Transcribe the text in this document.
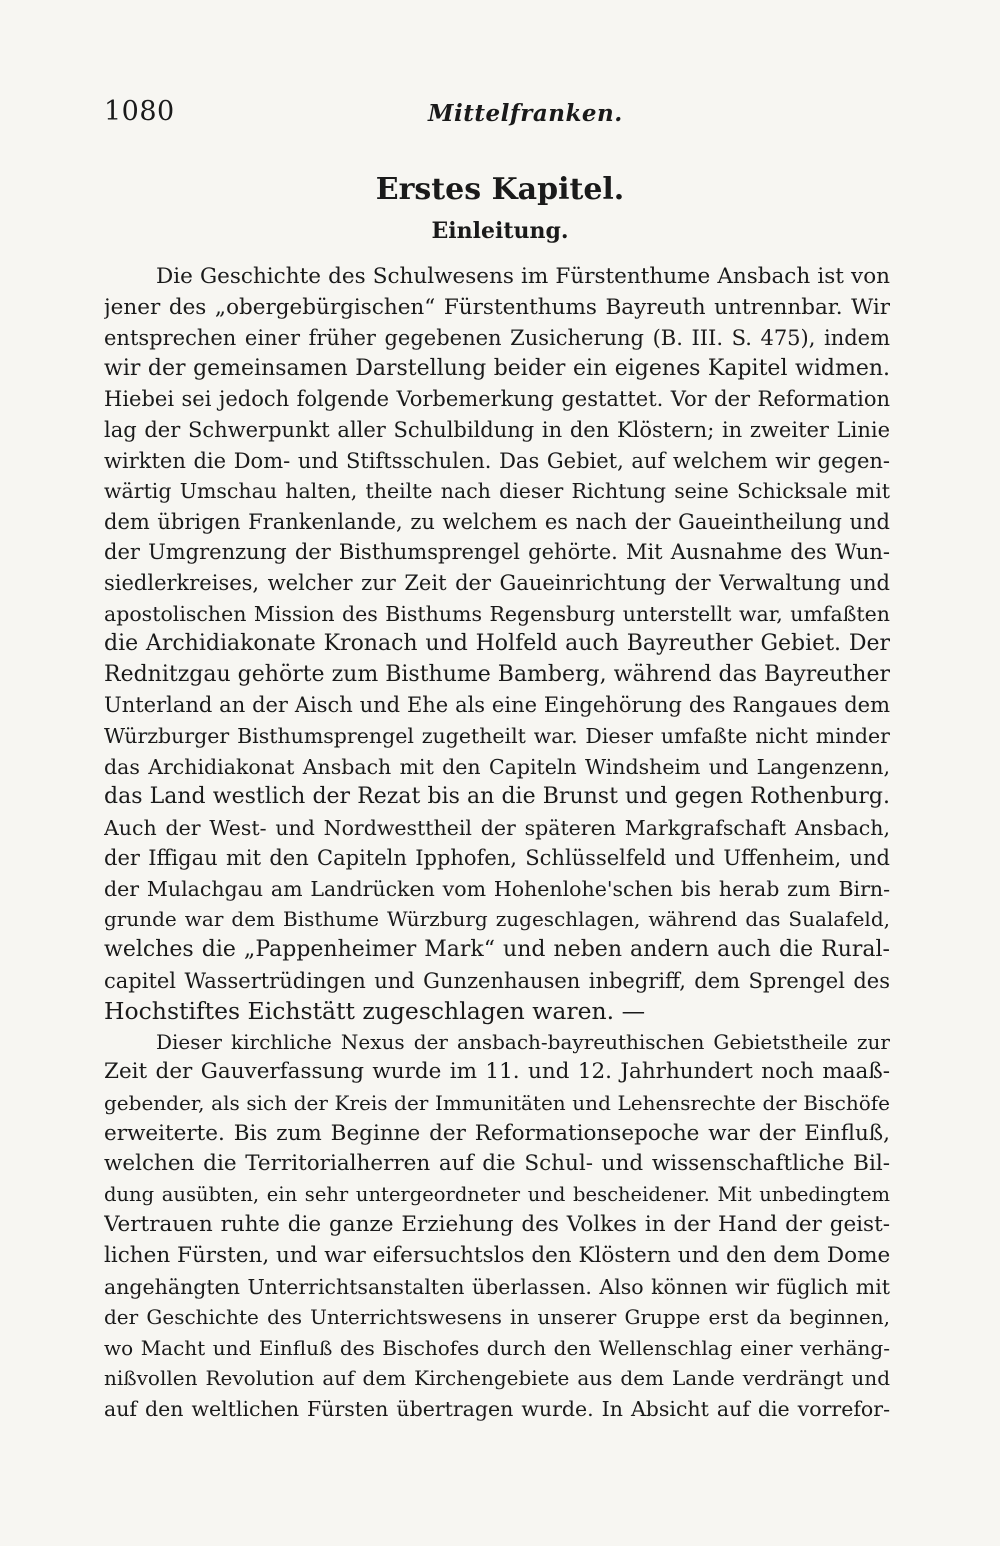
1080	Mittelfranken.
Erstes Kapitel.
Einleitung.
Die Geschichte des Schulwesens im Fürstenthume Ansbach ist von
jener des „obergebürgischen“ Fürstenthums Bayreuth untrennbar. Wir
entsprechen einer früher gegebenen Zusicherung (B. III. S. 475), indem
wir der gemeinsamen Darstellung beider ein eigenes Kapitel widmen.
Hiebei sei jedoch folgende Vorbemerkung gestattet. Vor der Reformation
lag der Schwerpunkt aller Schulbildung in den Klöstern; in zweiter Linie
wirkten die Dom- und Stiftsschulen. Das Gebiet, auf welchem wir gegen-
wärtig Umschau halten, theilte nach dieser Richtung seine Schicksale mit
dem übrigen Frankenlande, zu welchem es nach der Gaueintheilung und
der Umgrenzung der Bisthumsprengel gehörte. Mit Ausnahme des Wun-
siedlerkreises, welcher zur Zeit der Gaueinrichtung der Verwaltung und
apostolischen Mission des Bisthums Regensburg unterstellt war, umfaßten
die Archidiakonate Kronach und Holfeld auch Bayreuther Gebiet. Der
Rednitzgau gehörte zum Bisthume Bamberg, während das Bayreuther
Unterland an der Aisch und Ehe als eine Eingehörung des Rangaues dem
Würzburger Bisthumsprengel zugetheilt war. Dieser umfaßte nicht minder
das Archidiakonat Ansbach mit den Capiteln Windsheim und Langenzenn,
das Land westlich der Rezat bis an die Brunst und gegen Rothenburg.
Auch der West- und Nordwesttheil der späteren Markgrafschaft Ansbach,
der Iffigau mit den Capiteln Ipphofen, Schlüsselfeld und Uffenheim, und
der Mulachgau am Landrücken vom Hohenlohe'schen bis herab zum Birn-
grunde war dem Bisthume Würzburg zugeschlagen, während das Sualafeld,
welches die „Pappenheimer Mark“ und neben andern auch die Rural-
capitel Wassertrüdingen und Gunzenhausen inbegriff, dem Sprengel des
Hochstiftes Eichstätt zugeschlagen waren. —
Dieser kirchliche Nexus der ansbach-bayreuthischen Gebietstheile zur
Zeit der Gauverfassung wurde im 11. und 12. Jahrhundert noch maaß-
gebender, als sich der Kreis der Immunitäten und Lehensrechte der Bischöfe
erweiterte. Bis zum Beginne der Reformationsepoche war der Einfluß,
welchen die Territorialherren auf die Schul- und wissenschaftliche Bil-
dung ausübten, ein sehr untergeordneter und bescheidener. Mit unbedingtem
Vertrauen ruhte die ganze Erziehung des Volkes in der Hand der geist-
lichen Fürsten, und war eifersuchtslos den Klöstern und den dem Dome
angehängten Unterrichtsanstalten überlassen. Also können wir füglich mit
der Geschichte des Unterrichtswesens in unserer Gruppe erst da beginnen,
wo Macht und Einfluß des Bischofes durch den Wellenschlag einer verhäng-
nißvollen Revolution auf dem Kirchengebiete aus dem Lande verdrängt und
auf den weltlichen Fürsten übertragen wurde. In Absicht auf die vorrefor-
